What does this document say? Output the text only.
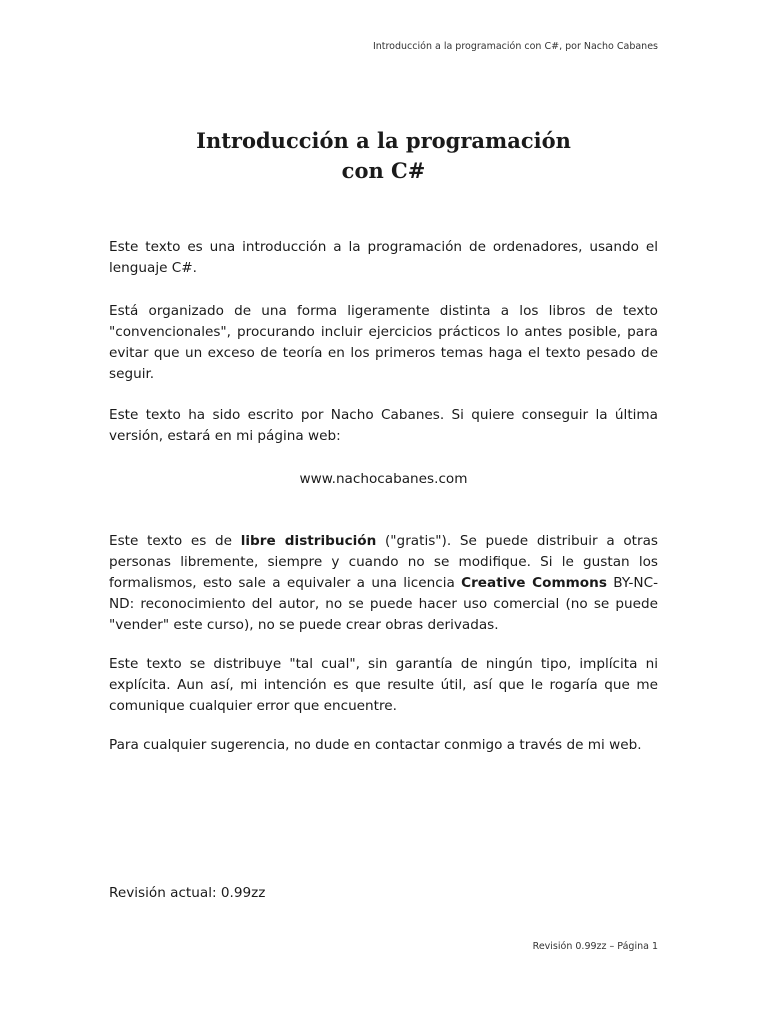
Introducción a la programación con C#, por Nacho Cabanes
Introducción a la programación
con C#

Este texto es una introducción a la programación de ordenadores, usando el lenguaje C#.

Está organizado de una forma ligeramente distinta a los libros de texto "convencionales", procurando incluir ejercicios prácticos lo antes posible, para evitar que un exceso de teoría en los primeros temas haga el texto pesado de seguir.

Este texto ha sido escrito por Nacho Cabanes. Si quiere conseguir la última versión, estará en mi página web:

www.nachocabanes.com

Este texto es de libre distribución ("gratis"). Se puede distribuir a otras personas libremente, siempre y cuando no se modifique. Si le gustan los formalismos, esto sale a equivaler a una licencia Creative Commons BY-NC-ND: reconocimiento del autor, no se puede hacer uso comercial (no se puede "vender" este curso), no se puede crear obras derivadas.

Este texto se distribuye "tal cual", sin garantía de ningún tipo, implícita ni explícita. Aun así, mi intención es que resulte útil, así que le rogaría que me comunique cualquier error que encuentre.

Para cualquier sugerencia, no dude en contactar conmigo a través de mi web.

Revisión actual: 0.99zz

Revisión 0.99zz – Página 1
